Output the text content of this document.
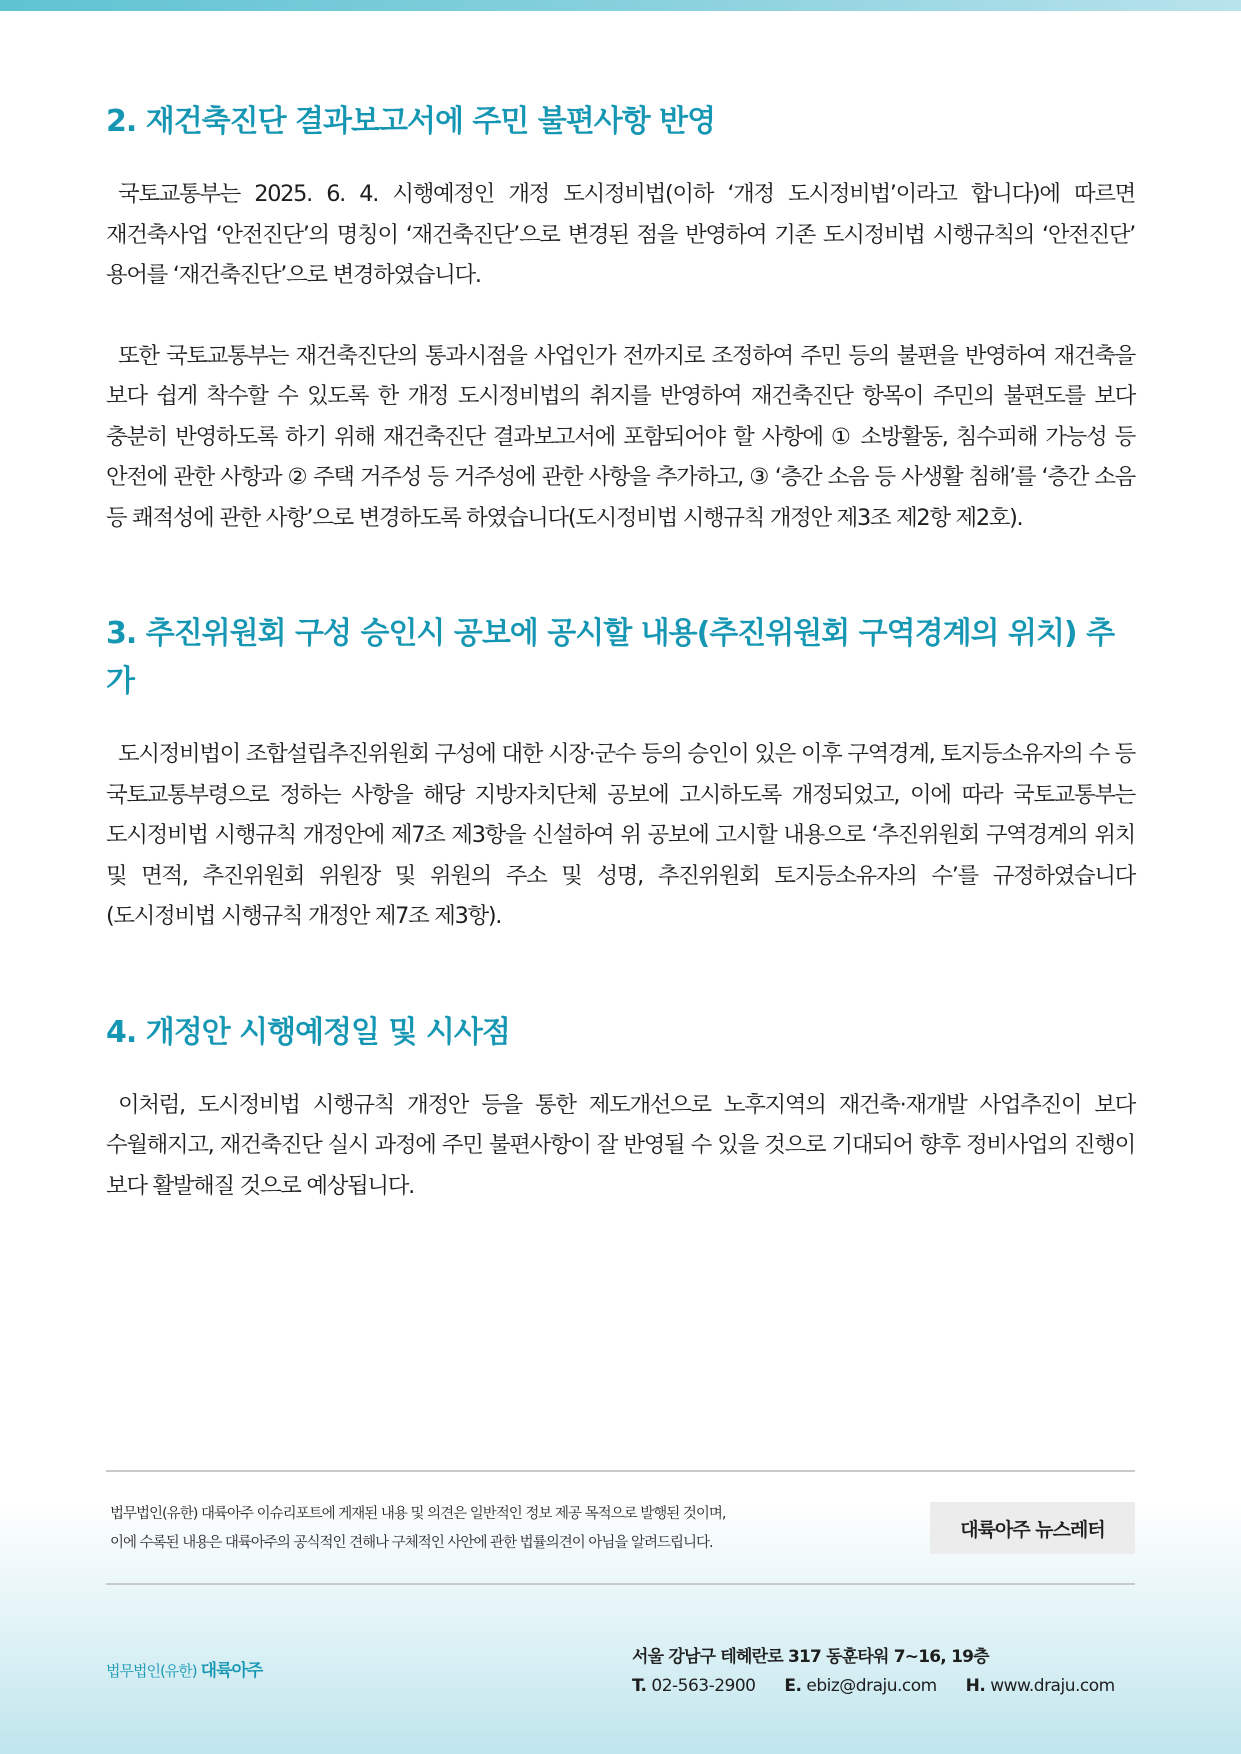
2. 재건축진단 결과보고서에 주민 불편사항 반영

국토교통부는 2025. 6. 4. 시행예정인 개정 도시정비법(이하 ‘개정 도시정비법’이라고 합니다)에 따르면 재건축사업 ‘안전진단’의 명칭이 ‘재건축진단’으로 변경된 점을 반영하여 기존 도시정비법 시행규칙의 ‘안전진단’ 용어를 ‘재건축진단’으로 변경하였습니다.

또한 국토교통부는 재건축진단의 통과시점을 사업인가 전까지로 조정하여 주민 등의 불편을 반영하여 재건축을 보다 쉽게 착수할 수 있도록 한 개정 도시정비법의 취지를 반영하여 재건축진단 항목이 주민의 불편도를 보다 충분히 반영하도록 하기 위해 재건축진단 결과보고서에 포함되어야 할 사항에 ① 소방활동, 침수피해 가능성 등 안전에 관한 사항과 ② 주택 거주성 등 거주성에 관한 사항을 추가하고, ③ ‘층간 소음 등 사생활 침해’를 ‘층간 소음 등 쾌적성에 관한 사항’으로 변경하도록 하였습니다(도시정비법 시행규칙 개정안 제3조 제2항 제2호).

3. 추진위원회 구성 승인시 공보에 공시할 내용(추진위원회 구역경계의 위치) 추가

도시정비법이 조합설립추진위원회 구성에 대한 시장·군수 등의 승인이 있은 이후 구역경계, 토지등소유자의 수 등 국토교통부령으로 정하는 사항을 해당 지방자치단체 공보에 고시하도록 개정되었고, 이에 따라 국토교통부는 도시정비법 시행규칙 개정안에 제7조 제3항을 신설하여 위 공보에 고시할 내용으로 ‘추진위원회 구역경계의 위치 및 면적, 추진위원회 위원장 및 위원의 주소 및 성명, 추진위원회 토지등소유자의 수’를 규정하였습니다(도시정비법 시행규칙 개정안 제7조 제3항).

4. 개정안 시행예정일 및 시사점

이처럼, 도시정비법 시행규칙 개정안 등을 통한 제도개선으로 노후지역의 재건축·재개발 사업추진이 보다 수월해지고, 재건축진단 실시 과정에 주민 불편사항이 잘 반영될 수 있을 것으로 기대되어 향후 정비사업의 진행이 보다 활발해질 것으로 예상됩니다.

법무법인(유한) 대륙아주 이슈리포트에 게재된 내용 및 의견은 일반적인 정보 제공 목적으로 발행된 것이며,
이에 수록된 내용은 대륙아주의 공식적인 견해나 구체적인 사안에 관한 법률의견이 아님을 알려드립니다.
대륙아주 뉴스레터
법무법인(유한) 대륙아주
서울 강남구 테헤란로 317 동훈타워 7~16, 19층
T. 02-563-2900 E. ebiz@draju.com H. www.draju.com
